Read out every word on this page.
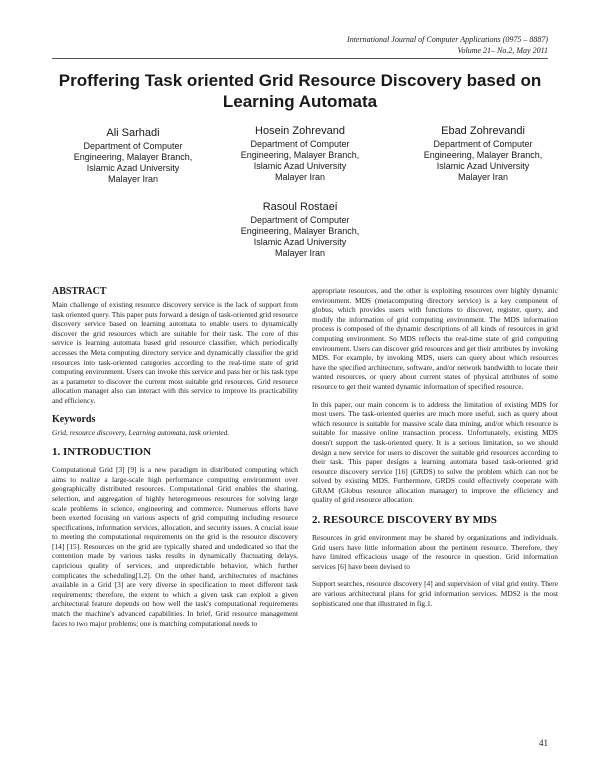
International Journal of Computer Applications (0975 – 8887)
Volume 21– No.2, May 2011
Proffering Task oriented Grid Resource Discovery based on Learning Automata
Ali Sarhadi
Department of Computer
Engineering, Malayer Branch,
Islamic Azad University
Malayer Iran
Hosein Zohrevand
Department of Computer
Engineering, Malayer Branch,
Islamic Azad University
Malayer Iran
Ebad Zohrevandi
Department of Computer
Engineering, Malayer Branch,
Islamic Azad University
Malayer Iran
Rasoul Rostaei
Department of Computer
Engineering, Malayer Branch,
Islamic Azad University
Malayer Iran
ABSTRACT

Main challenge of existing resource discovery service is the lack of support from task oriented query. This paper puts forward a design of task-oriented grid resource discovery service based on learning automata to enable users to dynamically discover the grid resources which are suitable for their task. The core of this service is learning automata based grid resource classifier, which periodically accesses the Meta computing directory service and dynamically classifier the grid resources into task-oriented categories according to the real-time state of grid computing environment. Users can invoke this service and pass her or his task type as a parameter to discover the current most suitable grid resources. Grid resource allocation manager also can interact with this service to improve its practicability and efficiency.

Keywords

Grid, resource discovery, Learning automata, task oriented.

1. INTRODUCTION

Computational Grid [3] [9] is a new paradigm in distributed computing which aims to realize a large-scale high performance computing environment over geographically distributed resources. Computational Grid enables the sharing, selection, and aggregation of highly heterogeneous resources for solving large scale problems in science, engineering and commerce. Numerous efforts have been exerted focusing on various aspects of grid computing including resource specifications, information services, allocation, and security issues. A crucial issue to meeting the computational requirements on the grid is the resource discovery [14] [15]. Resources on the grid are typically shared and undedicated so that the contention made by various tasks results in dynamically fluctuating delays, capricious quality of services, and unpredictable behavior, which further complicates the scheduling[1,2]. On the other hand, architectures of machines available in a Grid [3] are very diverse in specification to meet different task requirements; therefore, the extent to which a given task can exploit a given architectural feature depends on how well the task's computational requirements match the machine's advanced capabilities. In brief, Grid resource management faces to two major problems; one is matching computational needs to

appropriate resources, and the other is exploiting resources over highly dynamic environment. MDS (metacomputing directory service) is a key component of globus, which provides users with functions to discover, register, query, and modify the information of grid computing environment. The MDS information process is composed of the dynamic descriptions of all kinds of resources in grid computing environment. So MDS reflects the real-time state of grid computing environment. Users can discover grid resources and get their attributes by invoking MDS. For example, by invoking MDS, users can query about which resources have the specified architecture, software, and/or network bandwidth to locate their wanted resources, or query about current states of physical attributes of some resource to get their wanted dynamic information of specified resource.

In this paper, our main concern is to address the limitation of existing MDS for most users. The task-oriented queries are much more useful, such as query about which resource is suitable for massive scale data mining, and/or which resource is suitable for massive online transaction process. Unfortunately, existing MDS doesn't support the task-oriented query. It is a serious limitation, so we should design a new service for users to discover the suitable grid resources according to their task. This paper designs a learning automata based task-oriented grid resource discovery service [16] (GRDS) to solve the problem which can not be solved by existing MDS. Furthermore, GRDS could effectively cooperate with GRAM (Globus resource allocation manager) to improve the efficiency and quality of grid resource allocation.

2. RESOURCE DISCOVERY BY MDS

Resources in grid environment may be shared by organizations and individuals. Grid users have little information about the pertinent resource. Therefore, they have limited efficacious usage of the resource in question. Grid information services [6] have been devised to

Support searches, resource discovery [4] and supervision of vital grid entity. There are various architectural plans for grid information services. MDS2 is the most sophisticated one that illustrated in fig.1.

41
